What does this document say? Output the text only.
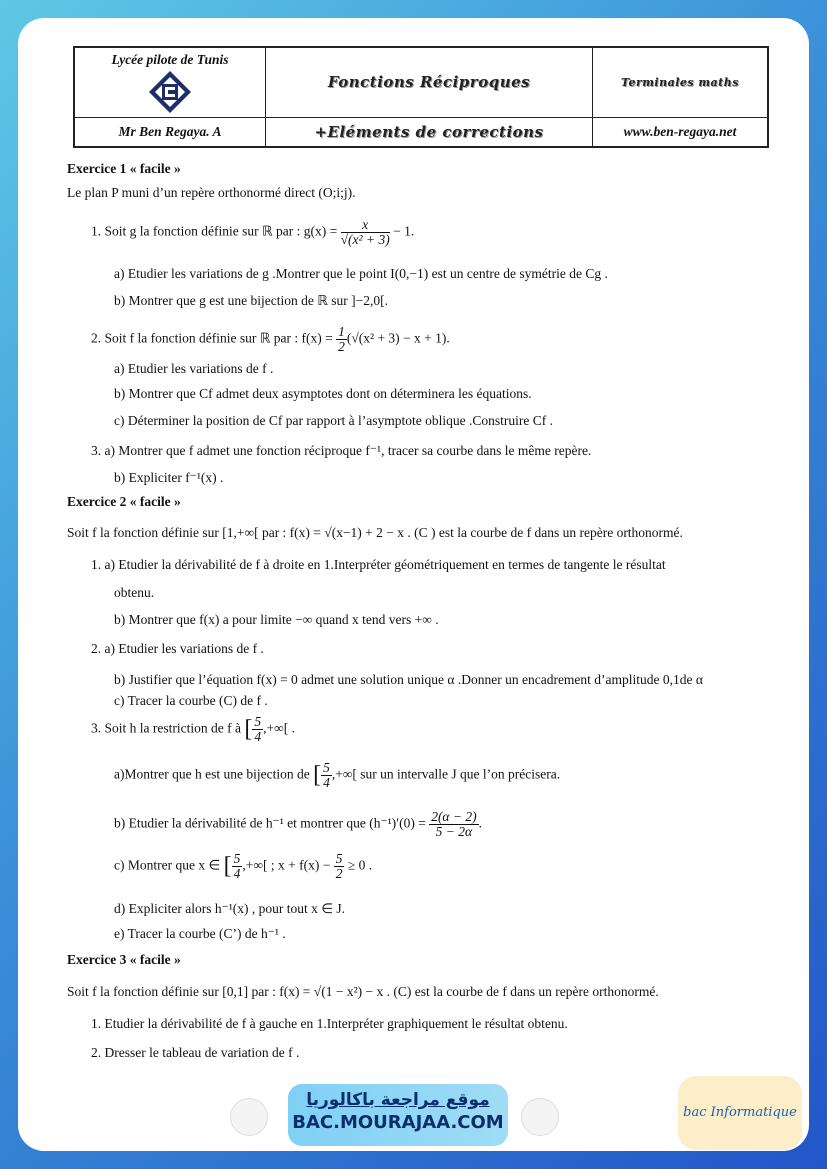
Lycée pilote de Tunis	Fonctions Réciproques	Terminales maths
Mr Ben Regaya. A	+Eléments de corrections	www.ben-regaya.net
Exercice 1 « facile »
Le plan P muni d’un repère orthonormé direct (O;i;j).
1. Soit g la fonction définie sur ℝ par : $g(x) = \frac{x}{\text{√(x² + 3)}} - 1$.
a) Etudier les variations de g .Montrer que le point I(0,−1) est un centre de symétrie de Cg .
b) Montrer que g est une bijection de ℝ sur ]−2,0[.
2. Soit f la fonction définie sur ℝ par : $f(x) = \frac{1}{2} (√(x^2 + 3) - x + 1)$.
a) Etudier les variations de f .
b) Montrer que Cf admet deux asymptotes dont on déterminera les équations.
c) Déterminer la position de Cf par rapport à l’asymptote oblique .Construire Cf .
3. a) Montrer que f admet une fonction réciproque f⁻¹, tracer sa courbe dans le même repère.
b) Expliciter f⁻¹(x) .
Exercice 2 « facile »
Soit f la fonction définie sur [1,+∞[ par : f(x) = √(x−1) + 2 − x . (C ) est la courbe de f dans un repère orthonormé.
1. a) Etudier la dérivabilité de f à droite en 1.Interpréter géométriquement en termes de tangente le résultat
obtenu.
b) Montrer que f(x) a pour limite −∞ quand x tend vers +∞ .
2. a) Etudier les variations de f .
b) Justifier que l’équation f(x) = 0 admet une solution unique α .Donner un encadrement d’amplitude 0,1de α
c) Tracer la courbe (C) de f .
3. Soit h la restriction de f à [ $\frac{5}{4}$ ,+∞[ .
a)Montrer que h est une bijection de [ $\frac{5}{4}$ ,+∞[ sur un intervalle J que l’on précisera.
b) Etudier la dérivabilité de h⁻¹ et montrer que $(h^{-1})'(0) = \frac{2(\alpha - 2)}{5 - 2\alpha}$ .
c) Montrer que x ∈ [ $\frac{5}{4}$ ,+∞[ ; $x + f(x) - \frac{5}{2} \ge 0$ .
d) Expliciter alors h⁻¹(x) , pour tout x ∈ J.
e) Tracer la courbe (C’) de h⁻¹ .
Exercice 3 « facile »
Soit f la fonction définie sur [0,1] par : f(x) = √(1 − x²) − x . (C) est la courbe de f dans un repère orthonormé.
1. Etudier la dérivabilité de f à gauche en 1.Interpréter graphiquement le résultat obtenu.
2. Dresser le tableau de variation de f .
موقع مراجعة باكالوريا
BAC.MOURAJAA.COM	bac Informatique
